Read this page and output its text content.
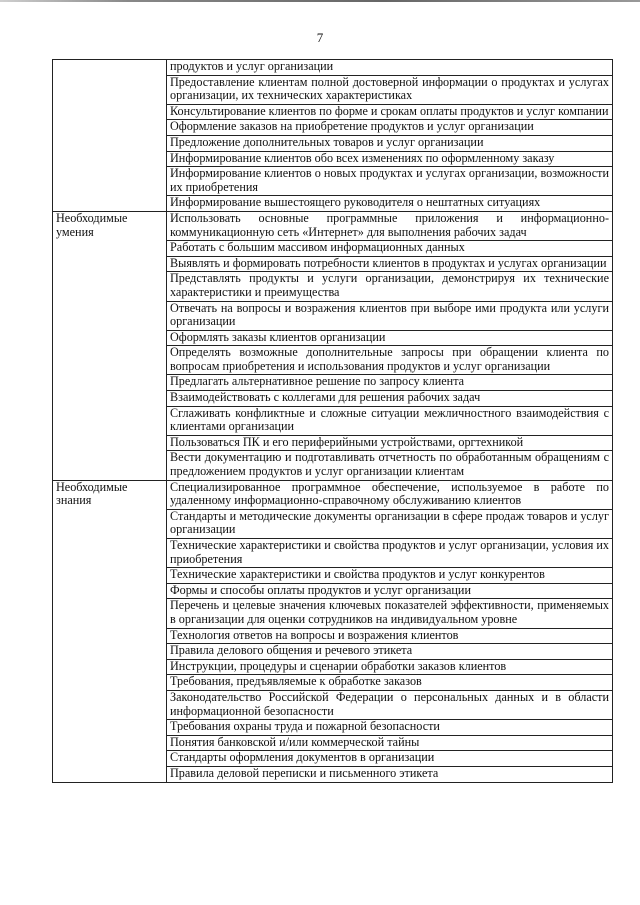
7
	продуктов и услуг организации
	Предоставление клиентам полной достоверной информации о продуктах и услугах организации, их технических характеристиках
	Консультирование клиентов по форме и срокам оплаты продуктов и услуг компании
	Оформление заказов на приобретение продуктов и услуг организации
	Предложение дополнительных товаров и услуг организации
	Информирование клиентов обо всех изменениях по оформленному заказу
	Информирование клиентов о новых продуктах и услугах организации, возможности их приобретения
	Информирование вышестоящего руководителя о нештатных ситуациях
Необходимые умения	Использовать основные программные приложения и информационно-коммуникационную сеть «Интернет» для выполнения рабочих задач
	Работать с большим массивом информационных данных
	Выявлять и формировать потребности клиентов в продуктах и услугах организации
	Представлять продукты и услуги организации, демонстрируя их технические характеристики и преимущества
	Отвечать на вопросы и возражения клиентов при выборе ими продукта или услуги организации
	Оформлять заказы клиентов организации
	Определять возможные дополнительные запросы при обращении клиента по вопросам приобретения и использования продуктов и услуг организации
	Предлагать альтернативное решение по запросу клиента
	Взаимодействовать с коллегами для решения рабочих задач
	Сглаживать конфликтные и сложные ситуации межличностного взаимодействия с клиентами организации
	Пользоваться ПК и его периферийными устройствами, оргтехникой
	Вести документацию и подготавливать отчетность по обработанным обращениям с предложением продуктов и услуг организации клиентам
Необходимые знания	Специализированное программное обеспечение, используемое в работе по удаленному информационно-справочному обслуживанию клиентов
	Стандарты и методические документы организации в сфере продаж товаров и услуг организации
	Технические характеристики и свойства продуктов и услуг организации, условия их приобретения
	Технические характеристики и свойства продуктов и услуг конкурентов
	Формы и способы оплаты продуктов и услуг организации
	Перечень и целевые значения ключевых показателей эффективности, применяемых в организации для оценки сотрудников на индивидуальном уровне
	Технология ответов на вопросы и возражения клиентов
	Правила делового общения и речевого этикета
	Инструкции, процедуры и сценарии обработки заказов клиентов
	Требования, предъявляемые к обработке заказов
	Законодательство Российской Федерации о персональных данных и в области информационной безопасности
	Требования охраны труда и пожарной безопасности
	Понятия банковской и/или коммерческой тайны
	Стандарты оформления документов в организации
	Правила деловой переписки и письменного этикета
